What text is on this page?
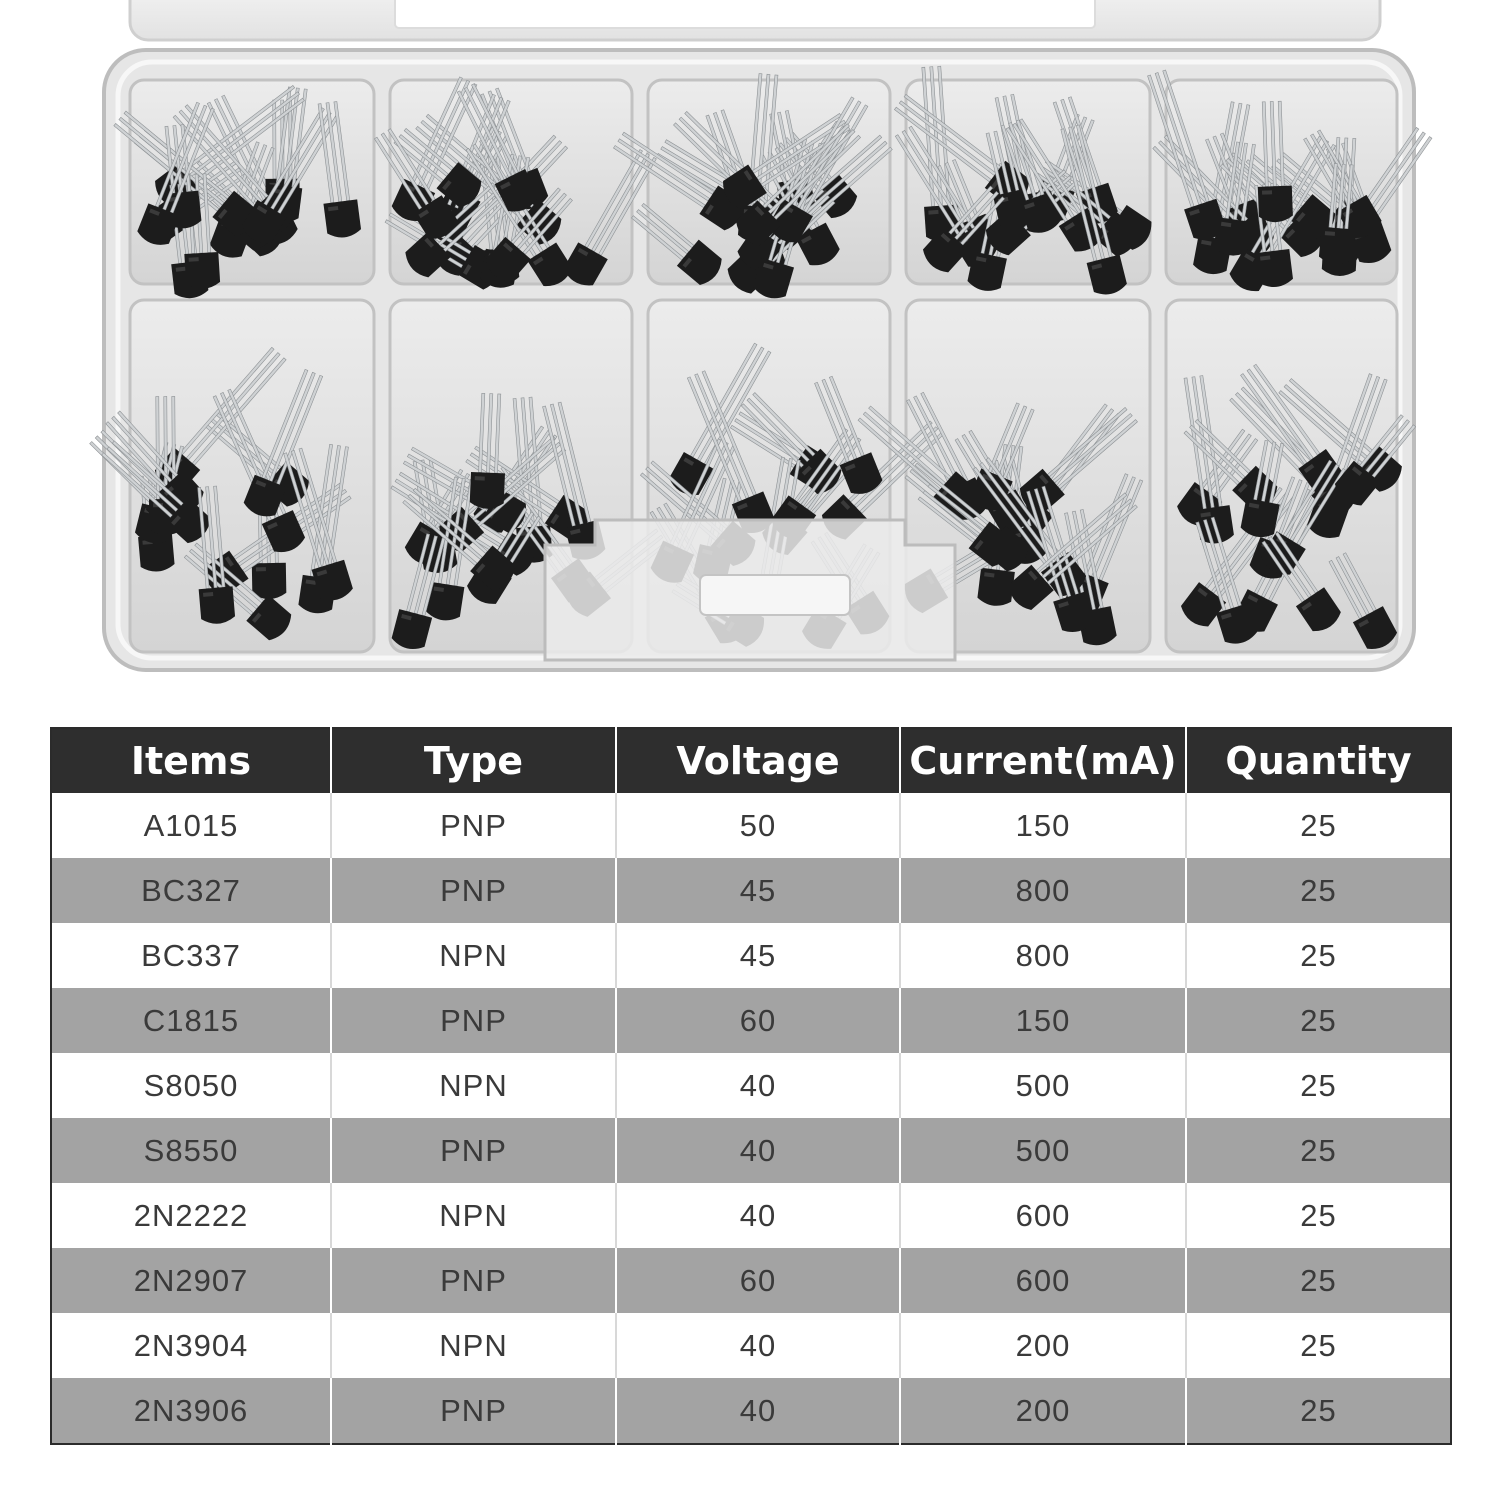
Items	Type	Voltage	Current(mA)	Quantity
A1015	PNP	50	150	25
BC327	PNP	45	800	25
BC337	NPN	45	800	25
C1815	PNP	60	150	25
S8050	NPN	40	500	25
S8550	PNP	40	500	25
2N2222	NPN	40	600	25
2N2907	PNP	60	600	25
2N3904	NPN	40	200	25
2N3906	PNP	40	200	25
